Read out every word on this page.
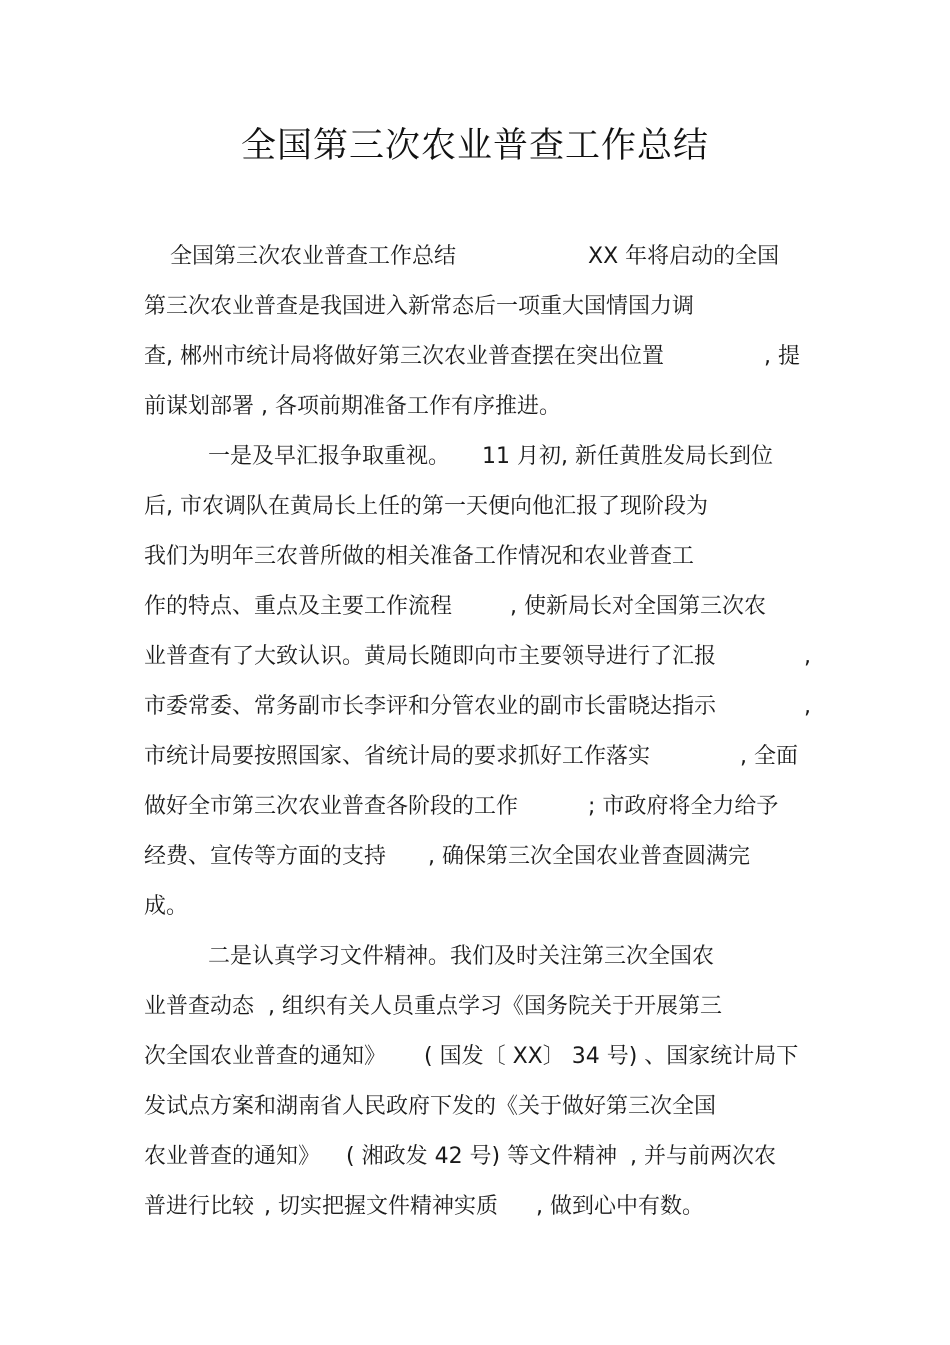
全国第三次农业普查工作总结
全国第三次农业普查工作总结	XX 年将启动的全国
第三次农业普查是我国进入新常态后一项重大国情国力调
查, 郴州市统计局将做好第三次农业普查摆在突出位置	, 提
前谋划部署 , 各项前期准备工作有序推进。
一是及早汇报争取重视。 11 月初, 新任黄胜发局长到位
后, 市农调队在黄局长上任的第一天便向他汇报了现阶段为
我们为明年三农普所做的相关准备工作情况和农业普查工
作的特点、重点及主要工作流程	, 使新局长对全国第三次农
业普查有了大致认识。黄局长随即向市主要领导进行了汇报	,
市委常委、常务副市长李评和分管农业的副市长雷晓达指示	,
市统计局要按照国家、省统计局的要求抓好工作落实	, 全面
做好全市第三次农业普查各阶段的工作	; 市政府将全力给予
经费、宣传等方面的支持 , 确保第三次全国农业普查圆满完
成。
二是认真学习文件精神。我们及时关注第三次全国农
业普查动态 , 组织有关人员重点学习《国务院关于开展第三
次全国农业普查的通知》 ( 国发〔 XX〕 34 号) 、国家统计局下
发试点方案和湖南省人民政府下发的《关于做好第三次全国
农业普查的通知》 ( 湘政发 42 号) 等文件精神 , 并与前两次农
普进行比较 , 切实把握文件精神实质 , 做到心中有数。
